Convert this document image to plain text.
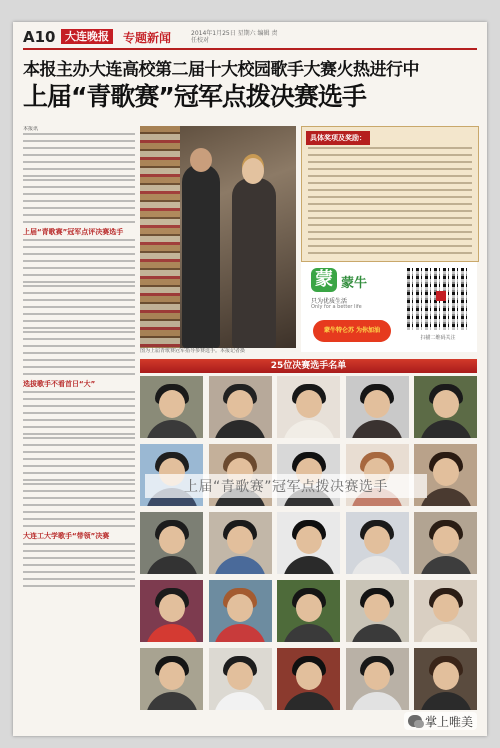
A10 大连晚报	专题新闻	2014年1月25日 星期六 编辑 责任校对
本报主办大连高校第二届十大校园歌手大赛火热进行中
上届“青歌赛”冠军点拨决赛选手
本报讯
上届“青歌赛”冠军点评决赛选手
选拔歌手不看首日“大”
大连工大学歌手“带领”决赛
图为上届青歌赛冠军指导参赛选手。本报记者摄
具体奖项及奖励：
蒙 蒙牛
只为优质生活
Only for a better life
蒙牛特仑苏 为你加油
扫描二维码关注
25位决赛选手名单
上届“青歌赛”冠军点拨决赛选手
掌上唯美
